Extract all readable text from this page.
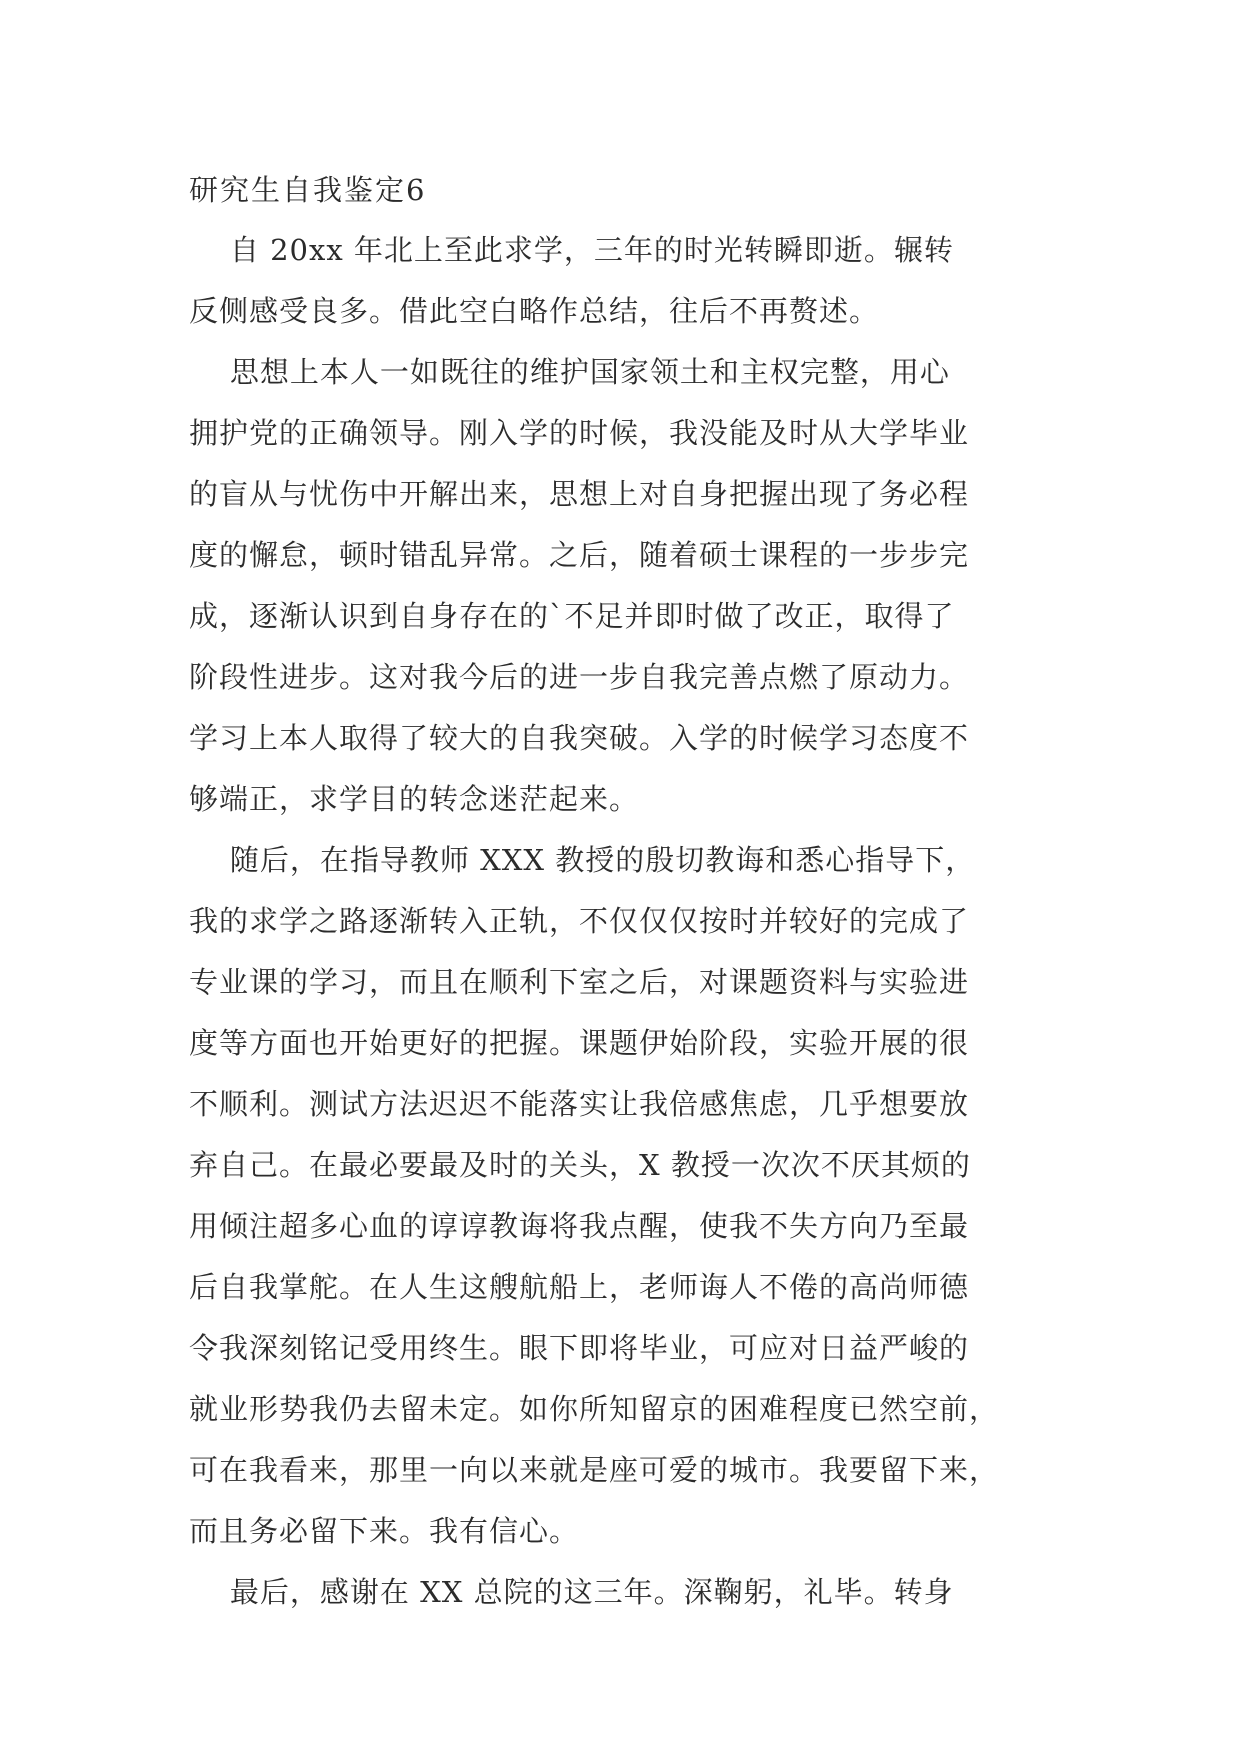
研究生自我鉴定6

自 20xx 年北上至此求学，三年的时光转瞬即逝。辗转
反侧感受良多。借此空白略作总结，往后不再赘述。

思想上本人一如既往的维护国家领土和主权完整，用心
拥护党的正确领导。刚入学的时候，我没能及时从大学毕业
的盲从与忧伤中开解出来，思想上对自身把握出现了务必程
度的懈怠，顿时错乱异常。之后，随着硕士课程的一步步完
成，逐渐认识到自身存在的`不足并即时做了改正，取得了
阶段性进步。这对我今后的进一步自我完善点燃了原动力。
学习上本人取得了较大的自我突破。入学的时候学习态度不
够端正，求学目的转念迷茫起来。

随后，在指导教师 XXX 教授的殷切教诲和悉心指导下，
我的求学之路逐渐转入正轨，不仅仅仅按时并较好的完成了
专业课的学习，而且在顺利下室之后，对课题资料与实验进
度等方面也开始更好的把握。课题伊始阶段，实验开展的很
不顺利。测试方法迟迟不能落实让我倍感焦虑，几乎想要放
弃自己。在最必要最及时的关头，X 教授一次次不厌其烦的
用倾注超多心血的谆谆教诲将我点醒，使我不失方向乃至最
后自我掌舵。在人生这艘航船上，老师诲人不倦的高尚师德
令我深刻铭记受用终生。眼下即将毕业，可应对日益严峻的
就业形势我仍去留未定。如你所知留京的困难程度已然空前，
可在我看来，那里一向以来就是座可爱的城市。我要留下来，
而且务必留下来。我有信心。

最后，感谢在 XX 总院的这三年。深鞠躬，礼毕。转身
